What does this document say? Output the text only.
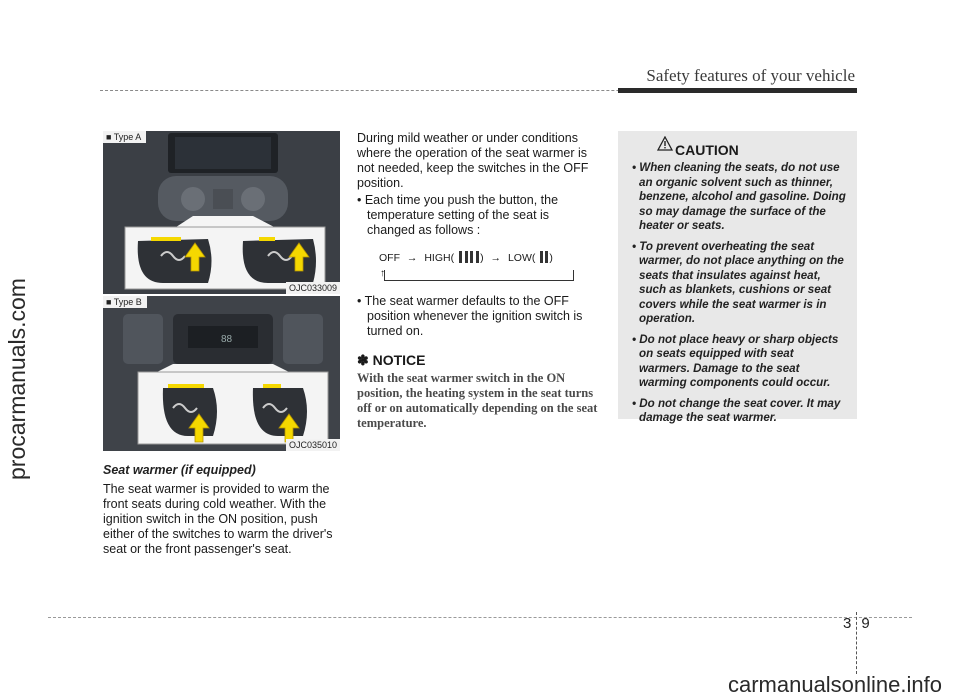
Safety features of your vehicle
procarmanuals.com
■ Type A
OJC033009
88
■ Type B
OJC035010
Seat warmer (if equipped)
The seat warmer is provided to warm the front seats during cold weather. With the ignition switch in the ON position, push either of the switches to warm the driver's seat or the front passenger's seat.

During mild weather or under conditions where the operation of the seat warmer is not needed, keep the switches in the OFF position.

• Each time you push the button, the temperature setting of the seat is changed as follows :

OFF → HIGH( ) → LOW( )
↑

• The seat warmer defaults to the OFF position whenever the ignition switch is turned on.

✽ NOTICE
With the seat warmer switch in the ON position, the heating system in the seat turns off or on automatically depending on the seat temperature.
CAUTION
• When cleaning the seats, do not use an organic solvent such as thinner, benzene, alcohol and gasoline. Doing so may damage the surface of the heater or seats.
• To prevent overheating the seat warmer, do not place anything on the seats that insulates against heat, such as blankets, cushions or seat covers while the seat warmer is in operation.
• Do not place heavy or sharp objects on seats equipped with seat warmers. Damage to the seat warming components could occur.
• Do not change the seat cover. It may damage the seat warmer.
3 9
carmanualsonline.info
